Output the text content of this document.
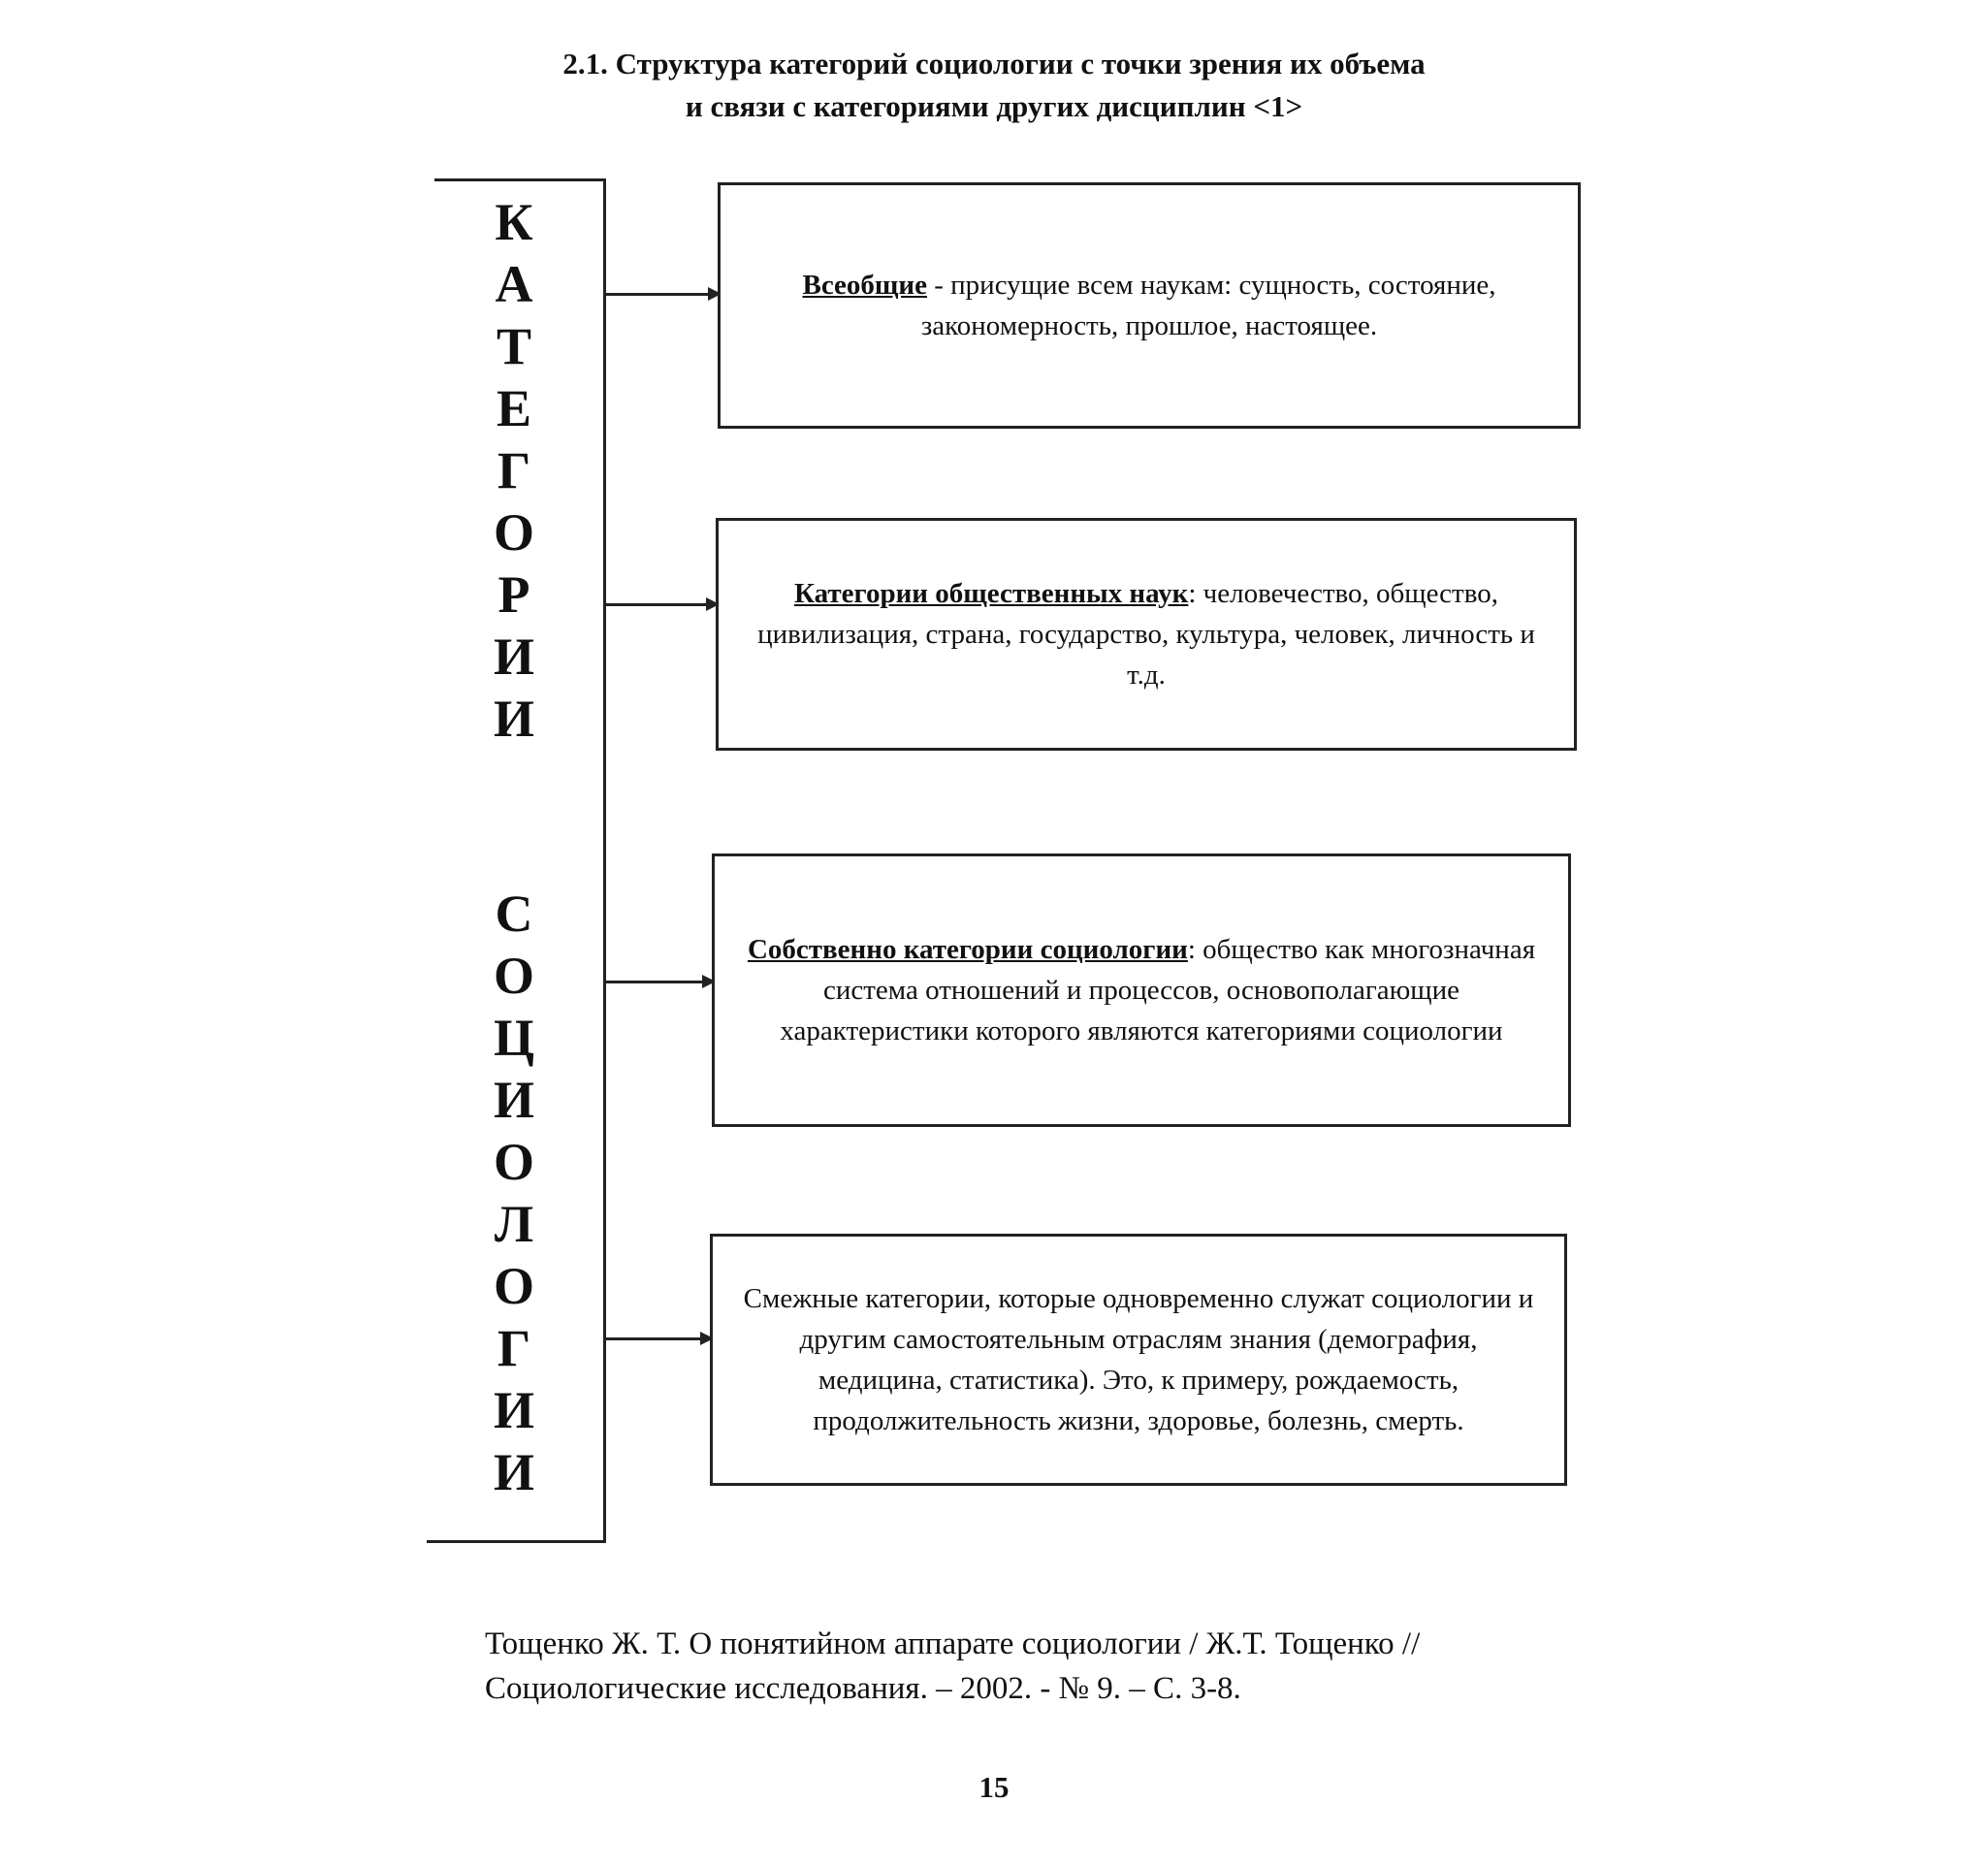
2.1. Структура категорий социологии с точки зрения их объема
и связи с категориями других дисциплин <1>
К
А
Т
Е
Г
О
Р
И
И
С
О
Ц
И
О
Л
О
Г
И
И
Всеобщие - присущие всем наукам: сущность, состояние, закономерность, прошлое, настоящее.
Категории общественных наук: человечество, общество, цивилизация, страна, государство, культура, человек, личность и т.д.
Собственно категории социологии: общество как многозначная система отношений и процессов, основополагающие характеристики которого являются категориями социологии
Смежные категории, которые одновременно служат социологии и другим самостоятельным отраслям знания (демография, медицина, статистика). Это, к примеру, рождаемость, продолжительность жизни, здоровье, болезнь, смерть.
Тощенко Ж. Т. О понятийном аппарате социологии / Ж.Т. Тощенко //
Социологические исследования. – 2002. - № 9. – С. 3-8.
15
